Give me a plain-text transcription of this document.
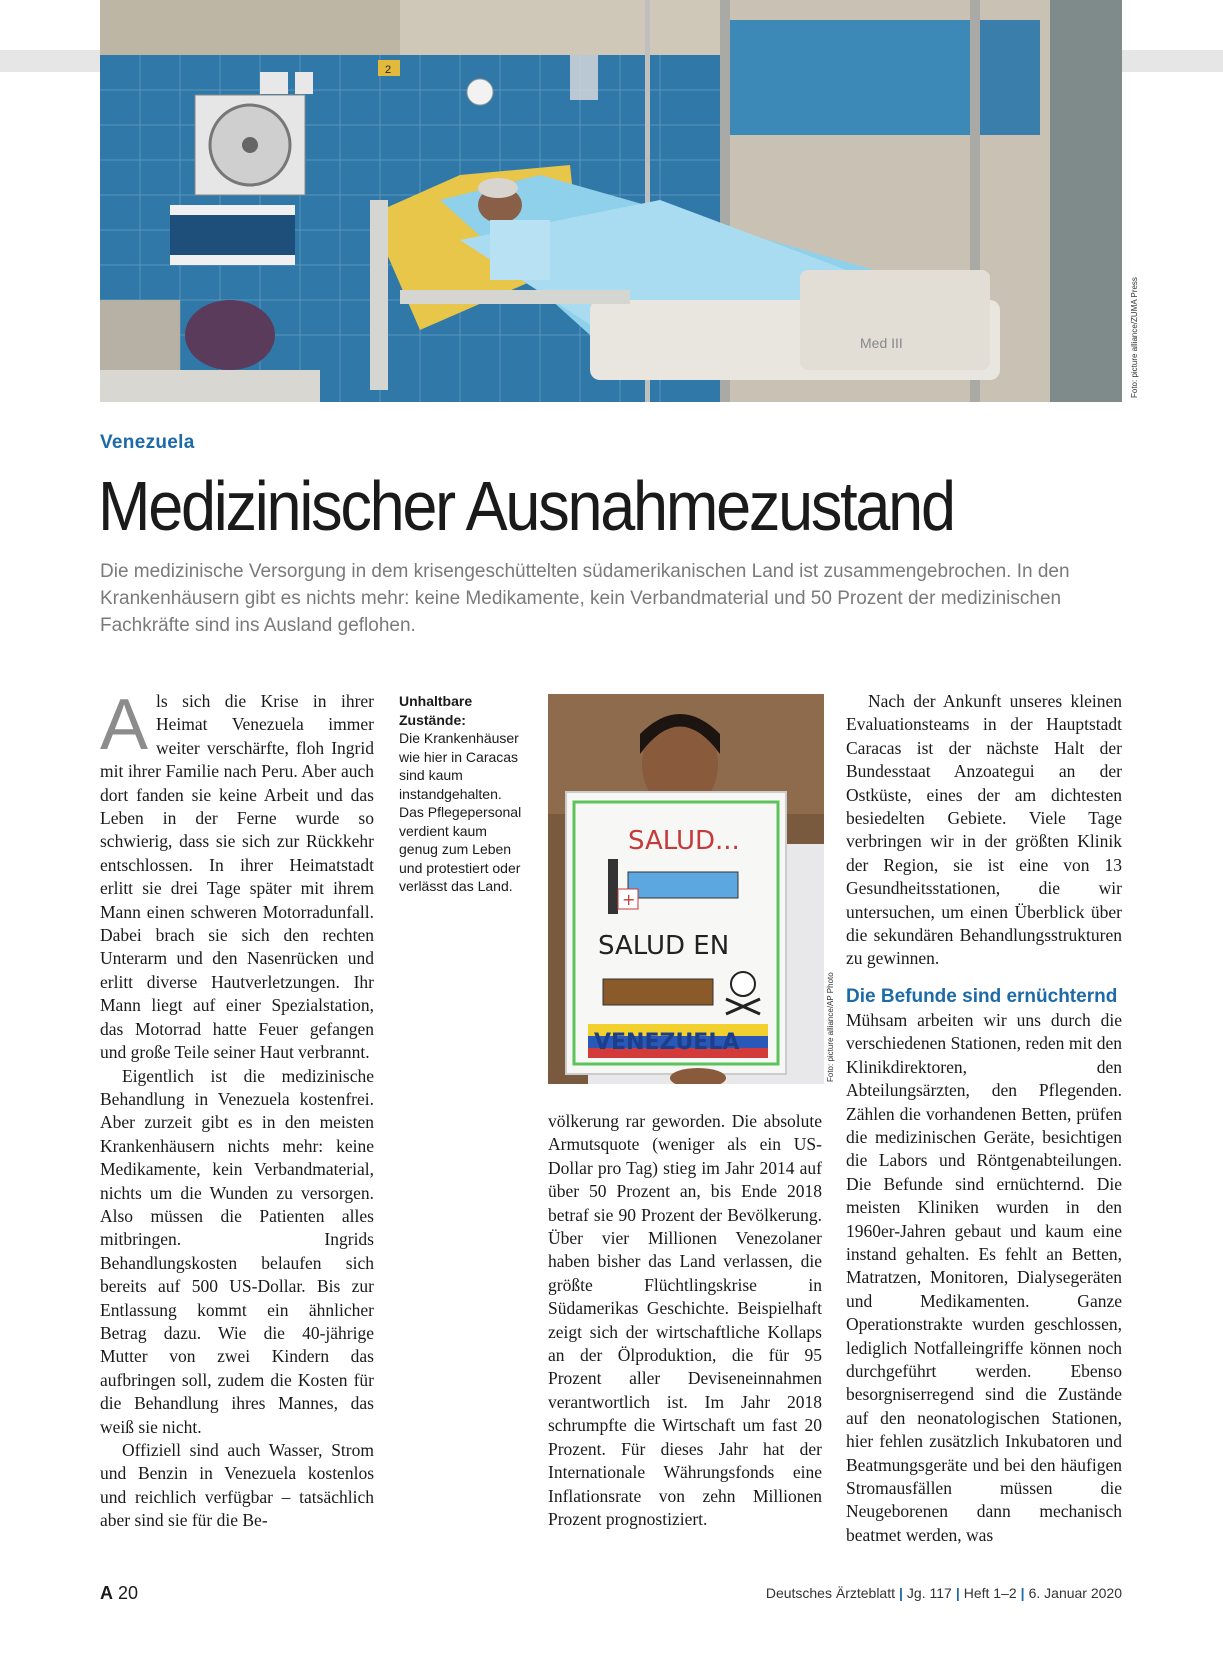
2
Med III	Foto: picture alliance/ZUMA Press
Venezuela
Medizinischer Ausnahmezustand
Die medizinische Versorgung in dem krisengeschüttelten südamerikanischen Land ist zusammengebrochen. In den Krankenhäusern gibt es nichts mehr: keine Medikamente, kein Verbandmaterial und 50 Prozent der medizinischen Fachkräfte sind ins Ausland geflohen.

Als sich die Krise in ihrer Heimat Venezuela immer weiter verschärfte, floh Ingrid mit ihrer Familie nach Peru. Aber auch dort fanden sie keine Arbeit und das Leben in der Ferne wurde so schwierig, dass sie sich zur Rückkehr entschlossen. In ihrer Heimatstadt erlitt sie drei Tage später mit ihrem Mann einen schweren Motorradunfall. Dabei brach sie sich den rechten Unterarm und den Nasenrücken und erlitt diverse Hautverletzungen. Ihr Mann liegt auf einer Spezialstation, das Motorrad hatte Feuer gefangen und große Teile seiner Haut verbrannt.

Eigentlich ist die medizinische Behandlung in Venezuela kostenfrei. Aber zurzeit gibt es in den meisten Krankenhäusern nichts mehr: keine Medikamente, kein Verbandmaterial, nichts um die Wunden zu versorgen. Also müssen die Patienten alles mitbringen. Ingrids Behandlungskosten belaufen sich bereits auf 500 US-Dollar. Bis zur Entlassung kommt ein ähnlicher Betrag dazu. Wie die 40-jährige Mutter von zwei Kindern das aufbringen soll, zudem die Kosten für die Behandlung ihres Mannes, das weiß sie nicht.

Offiziell sind auch Wasser, Strom und Benzin in Venezuela kostenlos und reichlich verfügbar – tatsächlich aber sind sie für die Be-

Unhaltbare Zustände:
Die Krankenhäuser wie hier in Caracas sind kaum instandgehalten. Das Pflegepersonal verdient kaum genug zum Leben und protestiert oder verlässt das Land.
SALUD...
+
SALUD EN
VENEZUELA	Foto: picture alliance/AP Photo

völkerung rar geworden. Die absolute Armutsquote (weniger als ein US-Dollar pro Tag) stieg im Jahr 2014 auf über 50 Prozent an, bis Ende 2018 betraf sie 90 Prozent der Bevölkerung. Über vier Millionen Venezolaner haben bisher das Land verlassen, die größte Flüchtlingskrise in Südamerikas Geschichte. Beispielhaft zeigt sich der wirtschaftliche Kollaps an der Ölproduktion, die für 95 Prozent aller Deviseneinnahmen verantwortlich ist. Im Jahr 2018 schrumpfte die Wirtschaft um fast 20 Prozent. Für dieses Jahr hat der Internationale Währungsfonds eine Inflationsrate von zehn Millionen Prozent prognostiziert.

Nach der Ankunft unseres kleinen Evaluationsteams in der Hauptstadt Caracas ist der nächste Halt der Bundesstaat Anzoategui an der Ostküste, eines der am dichtesten besiedelten Gebiete. Viele Tage verbringen wir in der größten Klinik der Region, sie ist eine von 13 Gesundheitsstationen, die wir untersuchen, um einen Überblick über die sekundären Behandlungsstrukturen zu gewinnen.

Die Befunde sind ernüchternd

Mühsam arbeiten wir uns durch die verschiedenen Stationen, reden mit den Klinikdirektoren, den Abteilungsärzten, den Pflegenden. Zählen die vorhandenen Betten, prüfen die medizinischen Geräte, besichtigen die Labors und Röntgenabteilungen. Die Befunde sind ernüchternd. Die meisten Kliniken wurden in den 1960er-Jahren gebaut und kaum eine instand gehalten. Es fehlt an Betten, Matratzen, Monitoren, Dialysegeräten und Medikamenten. Ganze Operationstrakte wurden geschlossen, lediglich Notfalleingriffe können noch durchgeführt werden. Ebenso besorgniserregend sind die Zustände auf den neonatologischen Stationen, hier fehlen zusätzlich Inkubatoren und Beatmungsgeräte und bei den häufigen Stromausfällen müssen die Neugeborenen dann mechanisch beatmet werden, was

A 20	Deutsches Ärzteblatt | Jg. 117 | Heft 1–2 | 6. Januar 2020
